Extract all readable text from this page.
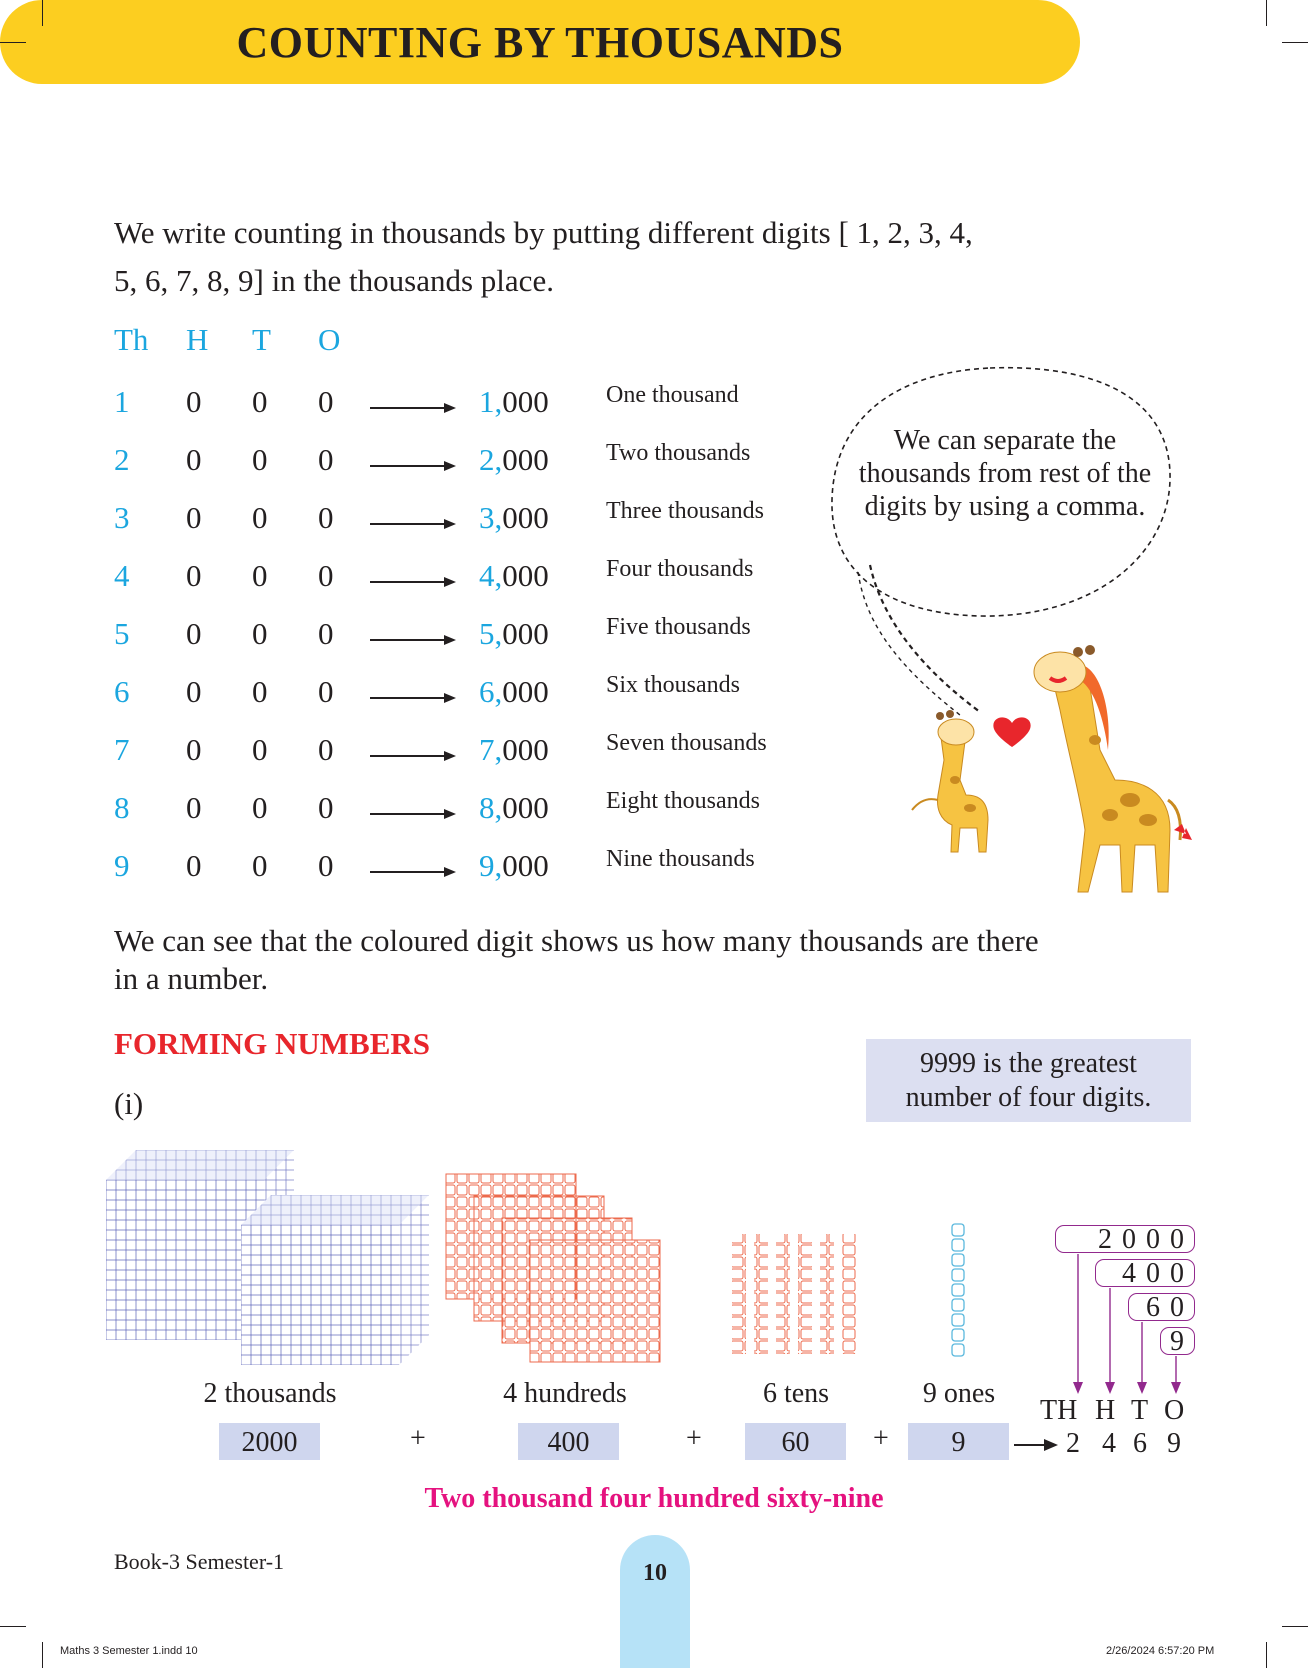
COUNTING BY THOUSANDS
We write counting in thousands by putting different digits [ 1, 2, 3, 4,
5, 6, 7, 8, 9] in the thousands place.
Th H T O
1 0 0 0	1,000 One thousand
2 0 0 0	2,000 Two thousands
3 0 0 0	3,000 Three thousands
4 0 0 0	4,000 Four thousands
5 0 0 0	5,000 Five thousands
6 0 0 0	6,000 Six thousands
7 0 0 0	7,000 Seven thousands
8 0 0 0	8,000 Eight thousands
9 0 0 0	9,000 Nine thousands
We can separate the thousands from rest of the digits by using a comma.
We can see that the coloured digit shows us how many thousands are there
in a number.
FORMING NUMBERS
(i)
9999 is the greatest
number of four digits.
2 thousands	4 hundreds	6 tens	9 ones
2000	+	400	+	60	+	9
2000
400
60
9
TH H T O
2 4 6 9
Two thousand four hundred sixty-nine
Book-3 Semester-1	10
Maths 3 Semester 1.indd 10	2/26/2024 6:57:20 PM
